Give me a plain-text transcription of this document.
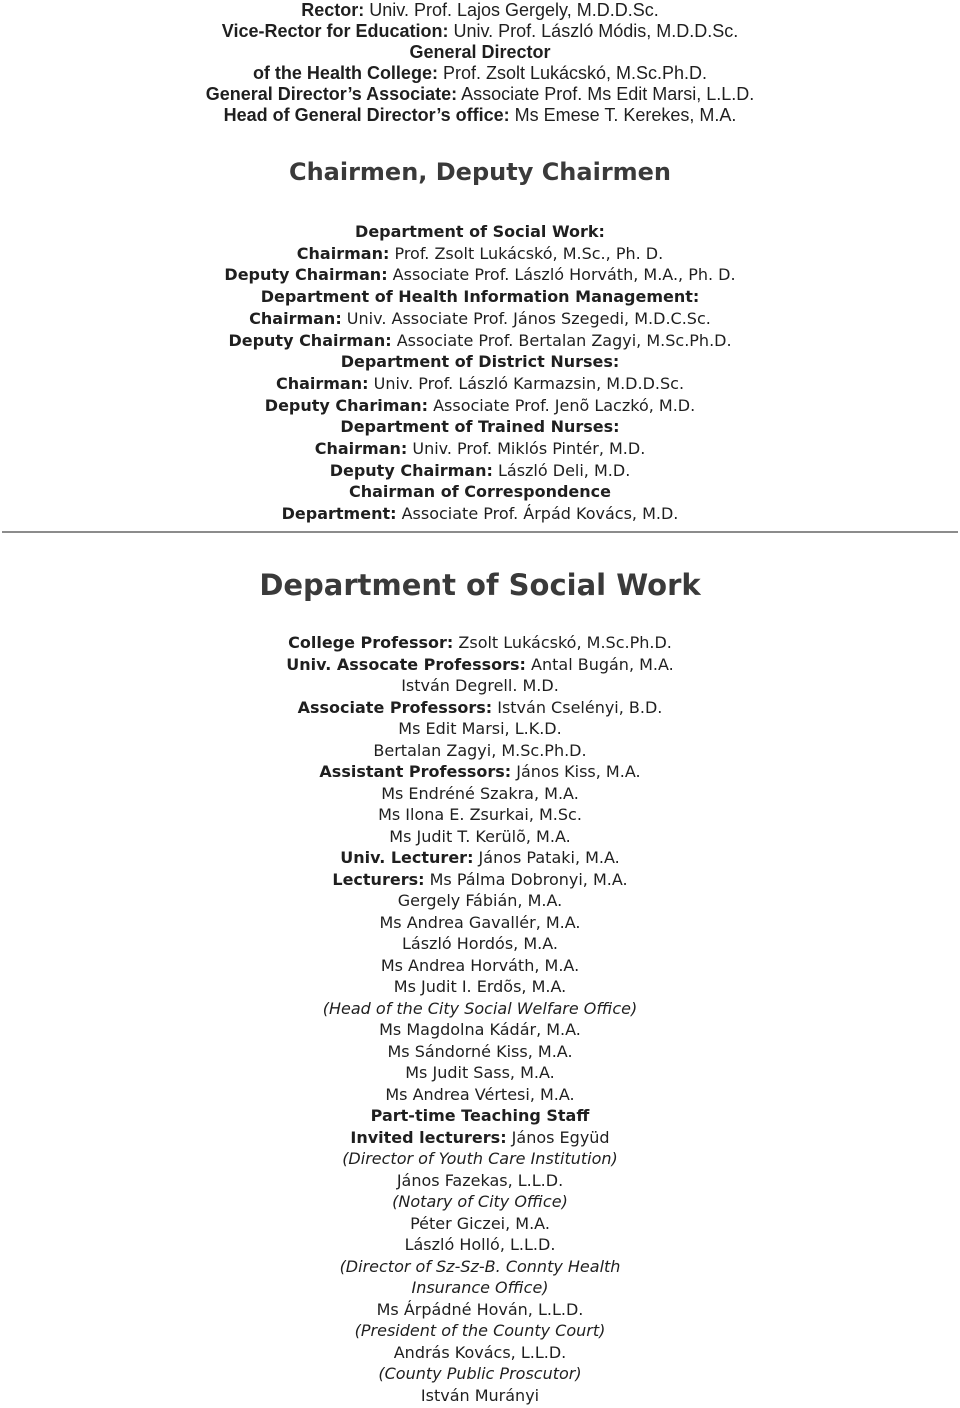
Rector: Univ. Prof. Lajos Gergely, M.D.D.Sc.
Vice-Rector for Education: Univ. Prof. László Módis, M.D.D.Sc.
General Director
of the Health College: Prof. Zsolt Lukácskó, M.Sc.Ph.D.
General Director’s Associate: Associate Prof. Ms Edit Marsi, L.L.D.
Head of General Director’s office: Ms Emese T. Kerekes, M.A.
Chairmen, Deputy Chairmen
Department of Social Work:
Chairman: Prof. Zsolt Lukácskó, M.Sc., Ph. D.
Deputy Chairman: Associate Prof. László Horváth, M.A., Ph. D.
Department of Health Information Management:
Chairman: Univ. Associate Prof. János Szegedi, M.D.C.Sc.
Deputy Chairman: Associate Prof. Bertalan Zagyi, M.Sc.Ph.D.
Department of District Nurses:
Chairman: Univ. Prof. László Karmazsin, M.D.D.Sc.
Deputy Chariman: Associate Prof. Jenõ Laczkó, M.D.
Department of Trained Nurses:
Chairman: Univ. Prof. Miklós Pintér, M.D.
Deputy Chairman: László Deli, M.D.
Chairman of Correspondence
Department: Associate Prof. Árpád Kovács, M.D.
Department of Social Work
College Professor: Zsolt Lukácskó, M.Sc.Ph.D.
Univ. Assocate Professors: Antal Bugán, M.A.
István Degrell. M.D.
Associate Professors: István Cselényi, B.D.
Ms Edit Marsi, L.K.D.
Bertalan Zagyi, M.Sc.Ph.D.
Assistant Professors: János Kiss, M.A.
Ms Endréné Szakra, M.A.
Ms Ilona E. Zsurkai, M.Sc.
Ms Judit T. Kerülõ, M.A.
Univ. Lecturer: János Pataki, M.A.
Lecturers: Ms Pálma Dobronyi, M.A.
Gergely Fábián, M.A.
Ms Andrea Gavallér, M.A.
László Hordós, M.A.
Ms Andrea Horváth, M.A.
Ms Judit I. Erdõs, M.A.
(Head of the City Social Welfare Office)
Ms Magdolna Kádár, M.A.
Ms Sándorné Kiss, M.A.
Ms Judit Sass, M.A.
Ms Andrea Vértesi, M.A.
Part-time Teaching Staff
Invited lecturers: János Együd
(Director of Youth Care Institution)
János Fazekas, L.L.D.
(Notary of City Office)
Péter Giczei, M.A.
László Holló, L.L.D.
(Director of Sz-Sz-B. Connty Health
Insurance Office)
Ms Árpádné Hován, L.L.D.
(President of the County Court)
András Kovács, L.L.D.
(County Public Proscutor)
István Murányi
